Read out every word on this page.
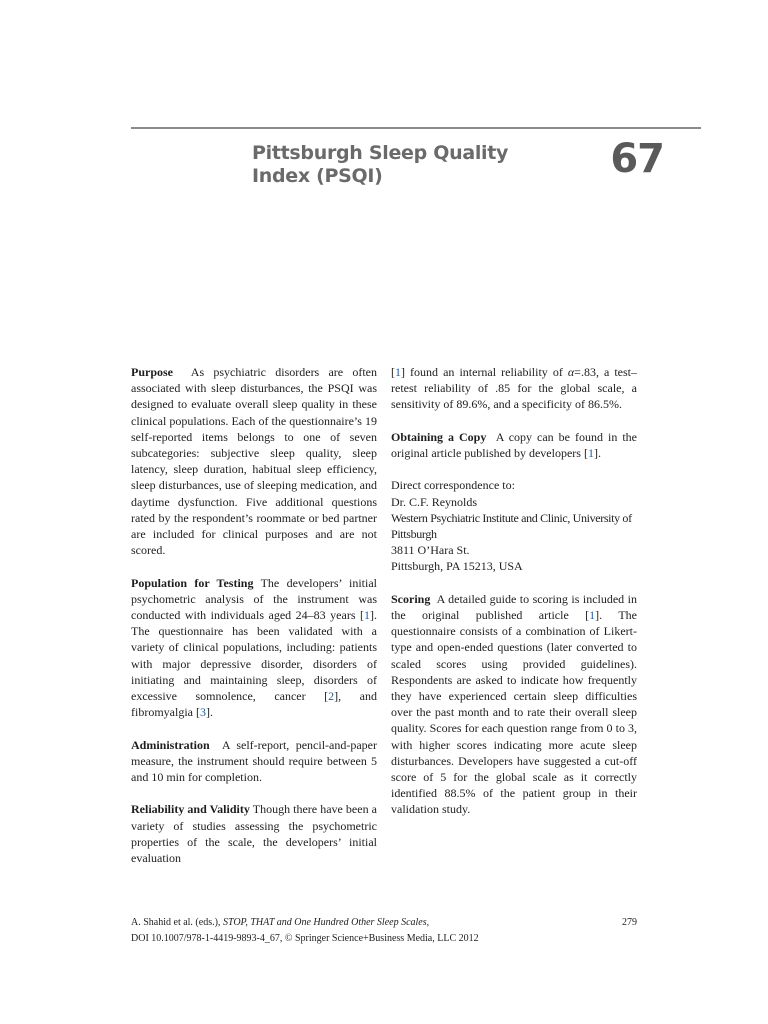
Pittsburgh Sleep Quality
Index (PSQI)	67

Purpose As psychiatric disorders are often associated with sleep disturbances, the PSQI was designed to evaluate overall sleep quality in these clinical populations. Each of the questionnaire’s 19 self-reported items belongs to one of seven subcategories: subjective sleep quality, sleep latency, sleep duration, habitual sleep efficiency, sleep disturbances, use of sleeping medication, and daytime dysfunction. Five additional questions rated by the respondent’s roommate or bed partner are included for clinical purposes and are not scored.

Population for Testing The developers’ initial psychometric analysis of the instrument was conducted with individuals aged 24–83 years [1]. The questionnaire has been validated with a variety of clinical populations, including: patients with major depressive disorder, disorders of initiating and maintaining sleep, disorders of excessive somnolence, cancer [2], and fibromyalgia [3].

Administration A self-report, pencil-and-paper measure, the instrument should require between 5 and 10 min for completion.

Reliability and Validity Though there have been a variety of studies assessing the psychometric properties of the scale, the developers’ initial evaluation

[1] found an internal reliability of α=.83, a test–retest reliability of .85 for the global scale, a sensitivity of 89.6%, and a specificity of 86.5%.

Obtaining a Copy A copy can be found in the original article published by developers [1].

Direct correspondence to:

Dr. C.F. Reynolds

Western Psychiatric Institute and Clinic, University of Pittsburgh

3811 O’Hara St.

Pittsburgh, PA 15213, USA

Scoring A detailed guide to scoring is included in the original published article [1]. The questionnaire consists of a combination of Likert-type and open-ended questions (later converted to scaled scores using provided guidelines). Respondents are asked to indicate how frequently they have experienced certain sleep difficulties over the past month and to rate their overall sleep quality. Scores for each question range from 0 to 3, with higher scores indicating more acute sleep disturbances. Developers have suggested a cut-off score of 5 for the global scale as it correctly identified 88.5% of the patient group in their validation study.

A. Shahid et al. (eds.), STOP, THAT and One Hundred Other Sleep Scales,
DOI 10.1007/978-1-4419-9893-4_67, © Springer Science+Business Media, LLC 2012
279
